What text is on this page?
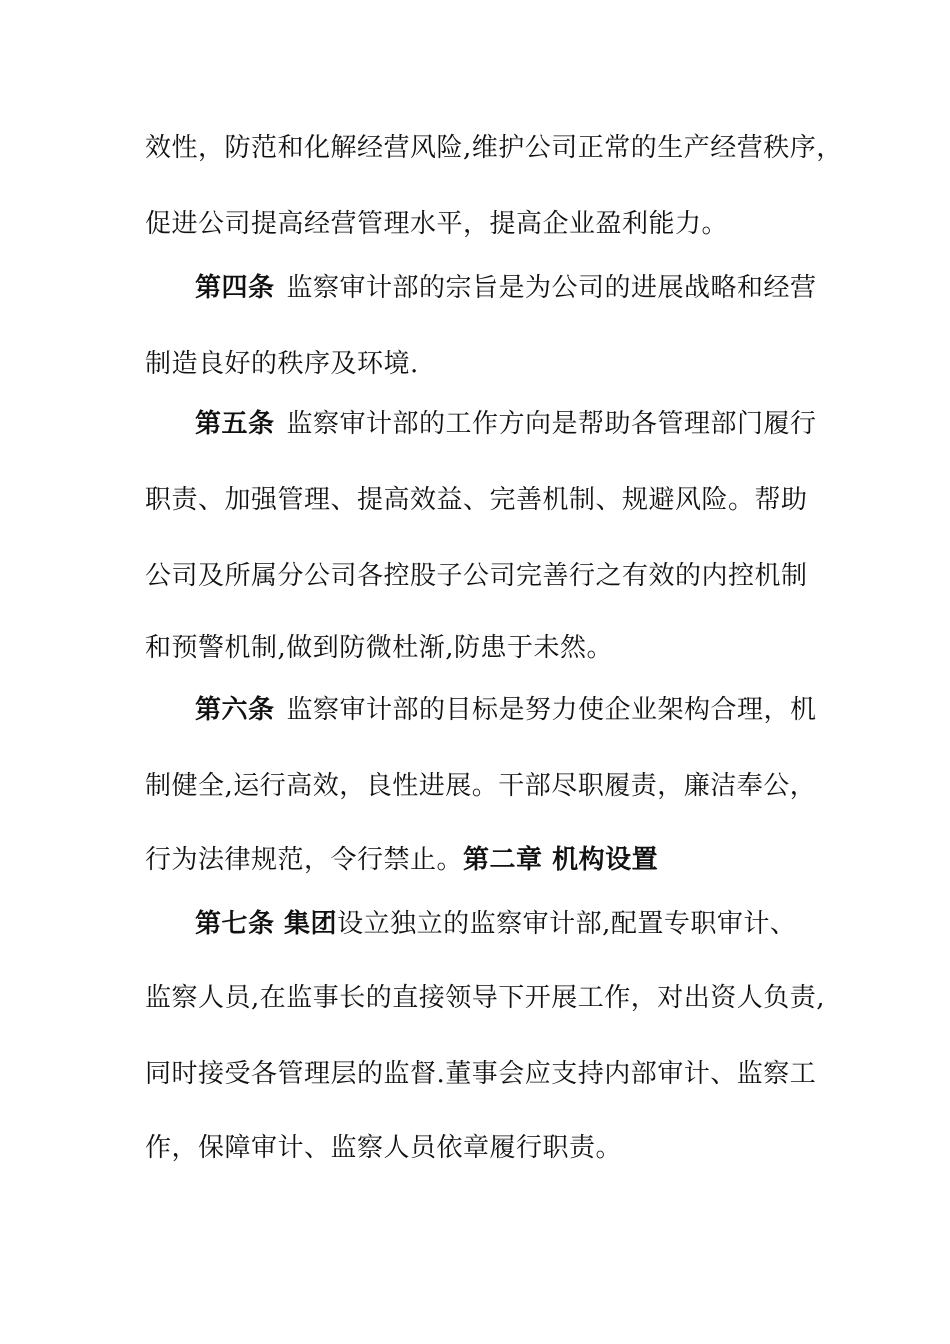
效性，防范和化解经营风险,维护公司正常的生产经营秩序，
促进公司提高经营管理水平，提高企业盈利能力。
第四条 监察审计部的宗旨是为公司的进展战略和经营
制造良好的秩序及环境.
第五条 监察审计部的工作方向是帮助各管理部门履行
职责、加强管理、提高效益、完善机制、规避风险。帮助
公司及所属分公司各控股子公司完善行之有效的内控机制
和预警机制,做到防微杜渐,防患于未然。
第六条 监察审计部的目标是努力使企业架构合理，机
制健全,运行高效，良性进展。干部尽职履责，廉洁奉公，
行为法律规范，令行禁止。第二章 机构设置
第七条 集团设立独立的监察审计部,配置专职审计、
监察人员,在监事长的直接领导下开展工作，对出资人负责,
同时接受各管理层的监督.董事会应支持内部审计、监察工
作，保障审计、监察人员依章履行职责。
